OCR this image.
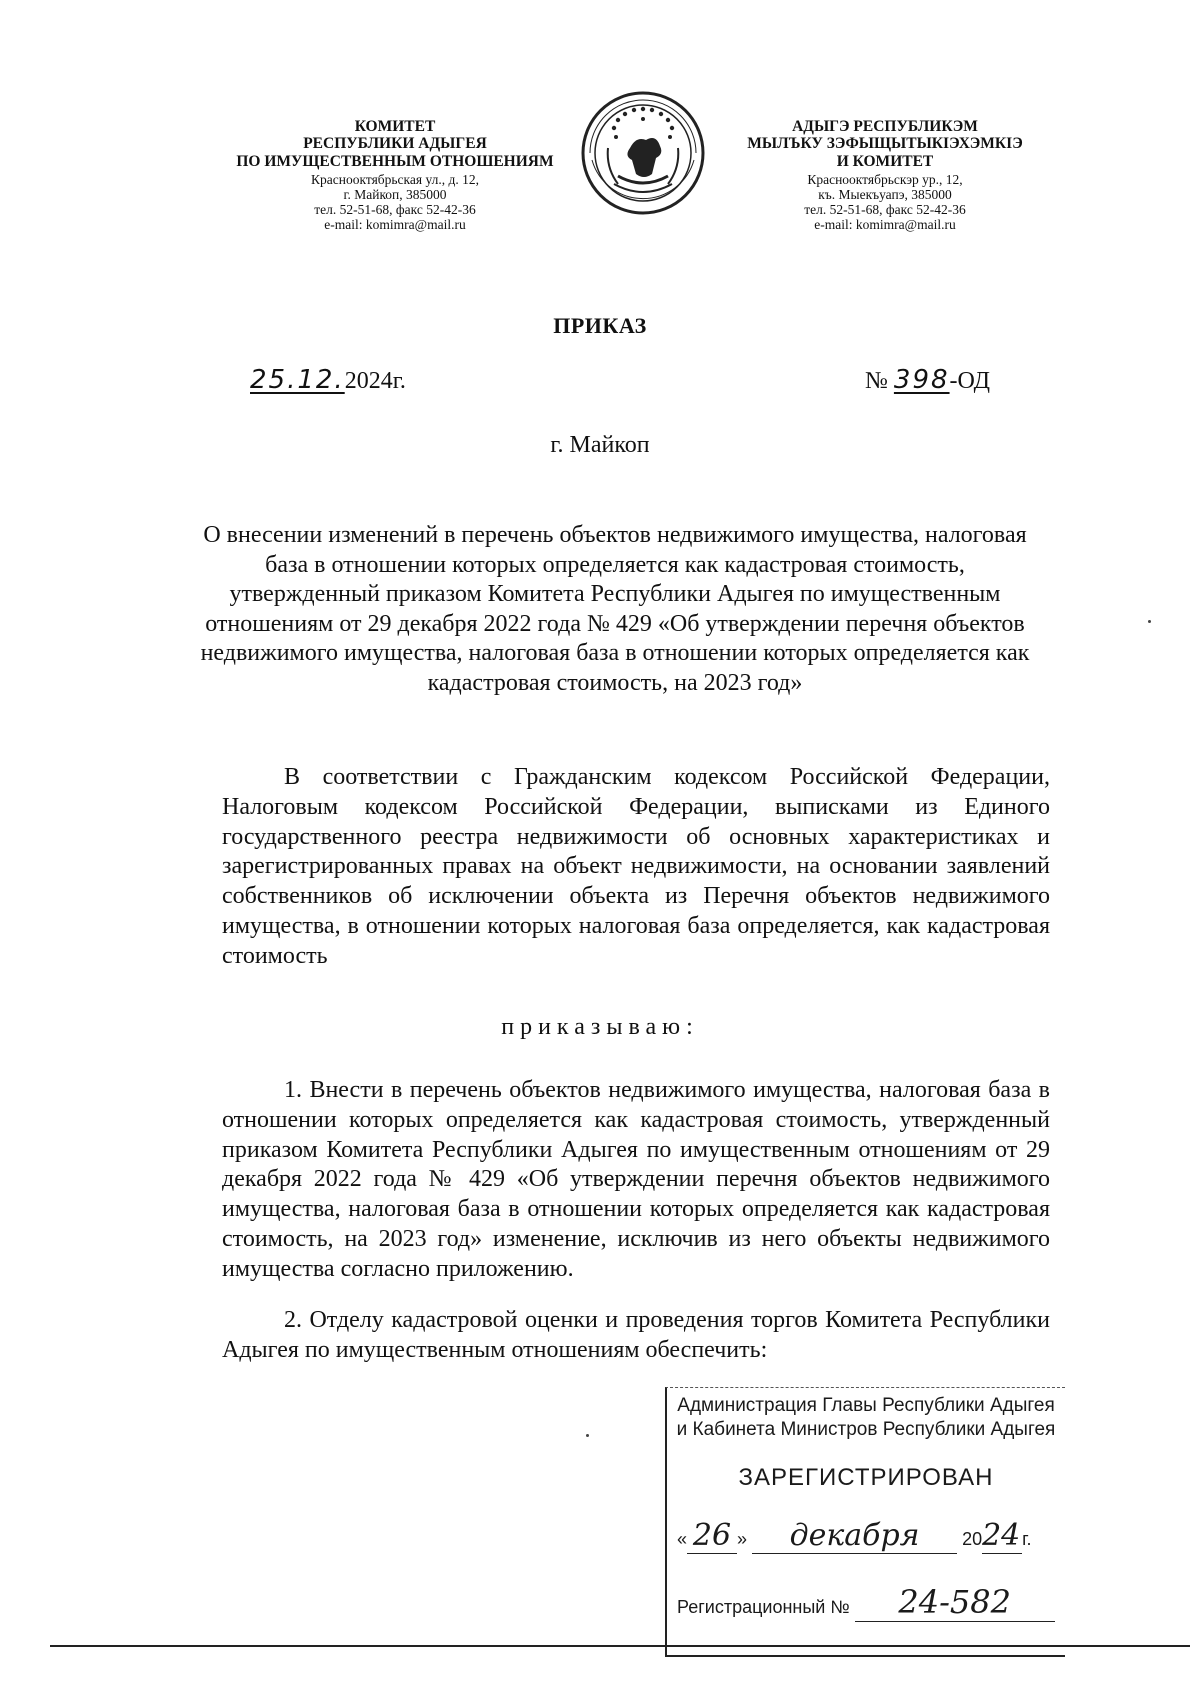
КОМИТЕТ
РЕСПУБЛИКИ АДЫГЕЯ
ПО ИМУЩЕСТВЕННЫМ ОТНОШЕНИЯМ
Краснооктябрьская ул., д. 12,
г. Майкоп, 385000
тел. 52-51-68, факс 52-42-36
e-mail: komimra@mail.ru
АДЫГЭ РЕСПУБЛИКЭМ
МЫЛЪКУ ЗЭФЫЩЫТЫКIЭХЭМКIЭ
И КОМИТЕТ
Краснооктябрьскэр ур., 12,
къ. Мыекъуапэ, 385000
тел. 52-51-68, факс 52-42-36
e-mail: komimra@mail.ru
ПРИКАЗ
25.12.2024г.	№ 398-ОД
г. Майкоп
О внесении изменений в перечень объектов недвижимого имущества, налоговая база в отношении которых определяется как кадастровая стоимость, утвержденный приказом Комитета Республики Адыгея по имущественным отношениям от 29 декабря 2022 года № 429 «Об утверждении перечня объектов недвижимого имущества, налоговая база в отношении которых определяется как кадастровая стоимость, на 2023 год»
В соответствии с Гражданским кодексом Российской Федерации, Налоговым кодексом Российской Федерации, выписками из Единого государственного реестра недвижимости об основных характеристиках и зарегистрированных правах на объект недвижимости, на основании заявлений собственников об исключении объекта из Перечня объектов недвижимого имущества, в отношении которых налоговая база определяется, как кадастровая стоимость
приказываю:
1. Внести в перечень объектов недвижимого имущества, налоговая база в отношении которых определяется как кадастровая стоимость, утвержденный приказом Комитета Республики Адыгея по имущественным отношениям от 29 декабря 2022 года № 429 «Об утверждении перечня объектов недвижимого имущества, налоговая база в отношении которых определяется как кадастровая стоимость, на 2023 год» изменение, исключив из него объекты недвижимого имущества согласно приложению.
2. Отделу кадастровой оценки и проведения торгов Комитета Республики Адыгея по имущественным отношениям обеспечить:
Администрация Главы Республики Адыгея
и Кабинета Министров Республики Адыгея
ЗАРЕГИСТРИРОВАН
« 26 » декабря 2024 г.
Регистрационный № 24-582
